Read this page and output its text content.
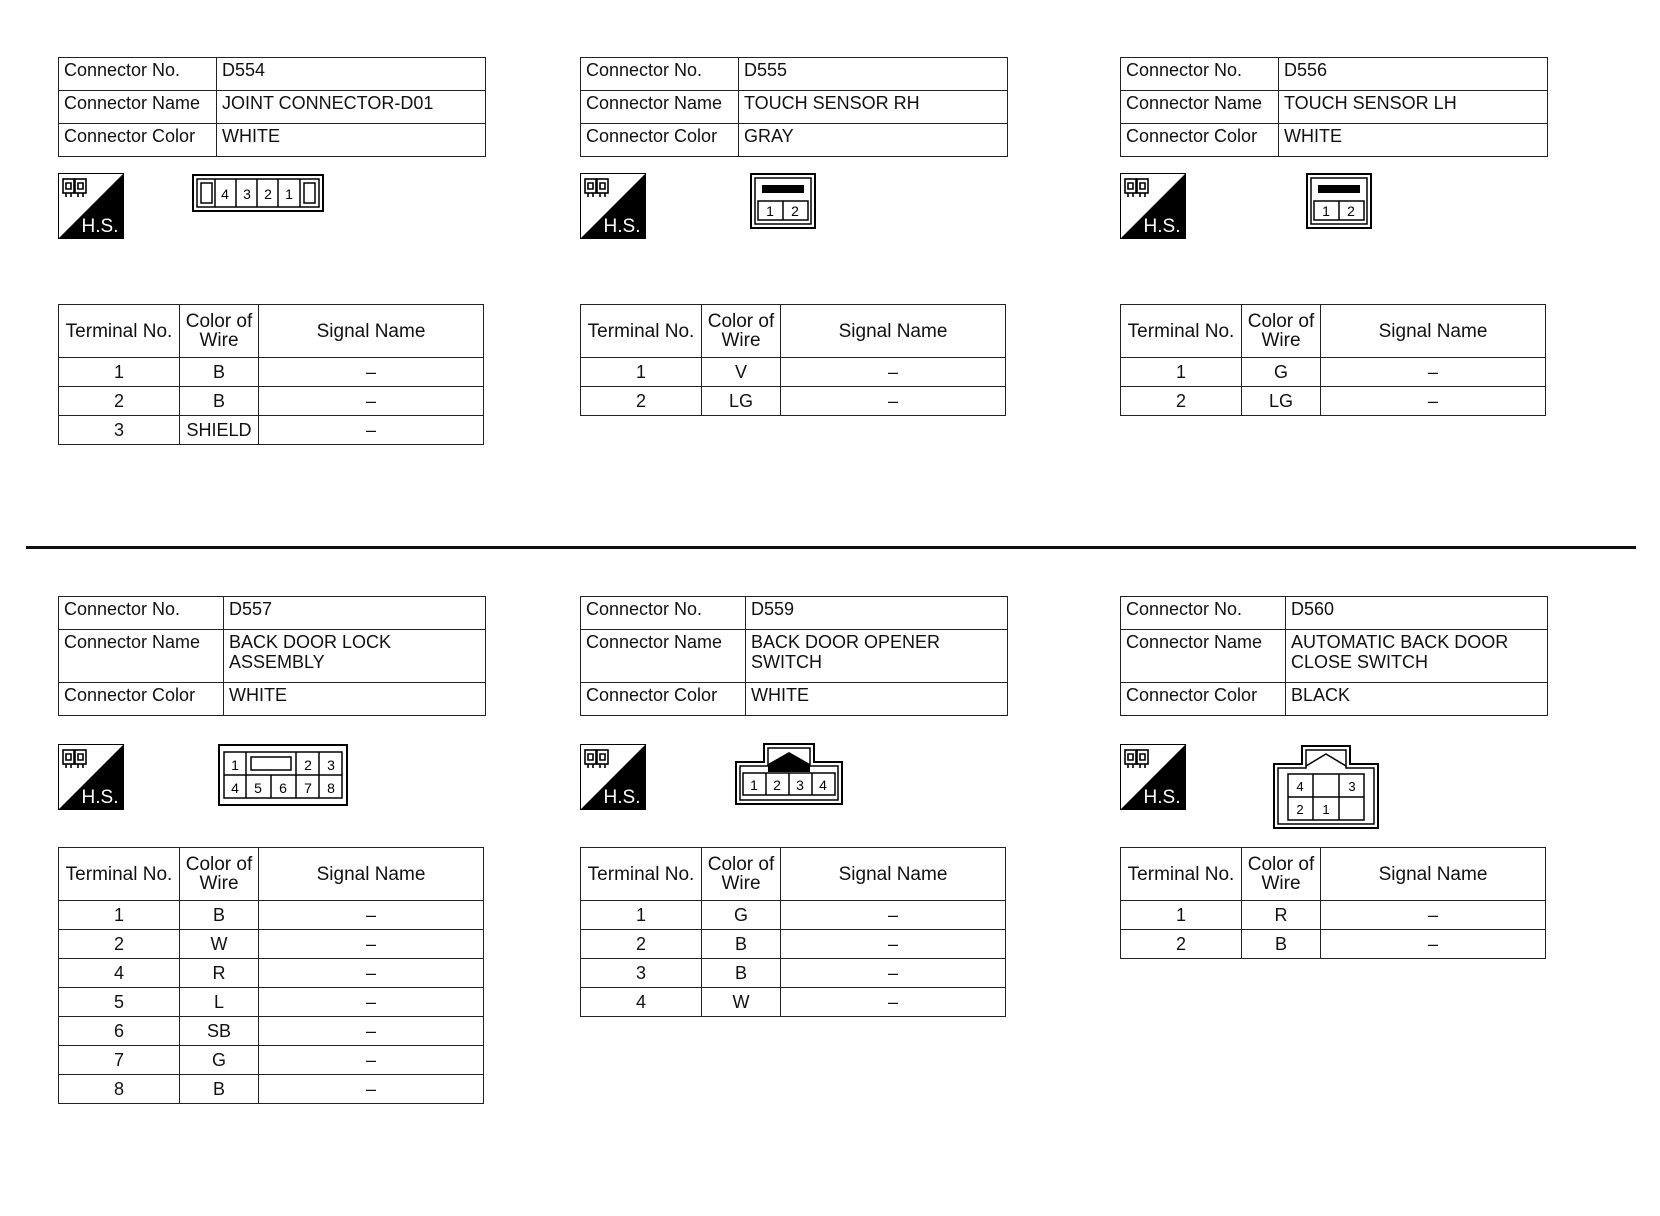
Connector No.	D554
Connector Name	JOINT CONNECTOR-D01
Connector Color	WHITE
H.S.
4 3 2 1
Terminal No.	Color of Wire	Signal Name
1	B	–
2	B	–
3	SHIELD	–
Connector No.	D555
Connector Name	TOUCH SENSOR RH
Connector Color	GRAY
H.S.
1 2
Terminal No.	Color of Wire	Signal Name
1	V	–
2	LG	–
Connector No.	D556
Connector Name	TOUCH SENSOR LH
Connector Color	WHITE
H.S.
1 2
Terminal No.	Color of Wire	Signal Name
1	G	–
2	LG	–
Connector No.	D557
Connector Name	BACK DOOR LOCK ASSEMBLY
Connector Color	WHITE
H.S.
1	2 3
4 5 6 7 8
Terminal No.	Color of Wire	Signal Name
1	B	–
2	W	–
4	R	–
5	L	–
6	SB	–
7	G	–
8	B	–
Connector No.	D559
Connector Name	BACK DOOR OPENER SWITCH
Connector Color	WHITE
H.S.
1 2 3 4
Terminal No.	Color of Wire	Signal Name
1	G	–
2	B	–
3	B	–
4	W	–
Connector No.	D560
Connector Name	AUTOMATIC BACK DOOR CLOSE SWITCH
Connector Color	BLACK
H.S.
4	3
2 1
Terminal No.	Color of Wire	Signal Name
1	R	–
2	B	–
